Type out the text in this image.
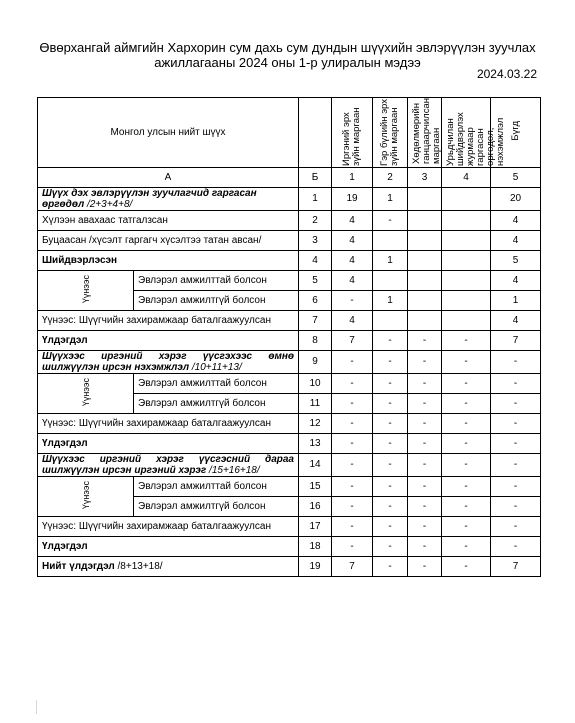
Өвөрхангай аймгийн Хархорин сум дахь сум дундын шүүхийн эвлэрүүлэн зуучлах ажиллагааны 2024 оны 1-р улиралын мэдээ
2024.03.22
Монгол улсын нийт шүүх			Иргэний эрх зүйн маргаан	Гэр бүлийн эрх зүйн маргаан	Хөдөлмөрийн ганцаарчилсан маргаан	Урьдчилан шийдвэрлэх журмаар гаргасан өргөдөл, нэхэмжлэл	Бүгд
А		Б	1	2	3	4	5
Шүүх дэх эвлэрүүлэн зуучлагчид гаргасан өргөдөл /2+3+4+8/		1	19	1			20
Хүлээн авахаас татгалзсан		2	4	-			4
Буцаасан /хүсэлт гаргагч хүсэлтээ татан авсан/		3	4				4
Шийдвэрлэсэн		4	4	1			5
Үүнээс	Эвлэрэл амжилттай болсон	5	4				4
	Эвлэрэл амжилтгүй болсон	6	-	1			1
Үүнээс: Шүүгчийн захирамжаар баталгаажуулсан		7	4				4
Үлдэгдэл		8	7	-	-	-	7
Шүүхээс иргэний хэрэг үүсгэхээс өмнө шилжүүлэн ирсэн нэхэмжлэл /10+11+13/		9	-	-	-	-	-
Үүнээс	Эвлэрэл амжилттай болсон	10	-	-	-	-	-
	Эвлэрэл амжилтгүй болсон	11	-	-	-	-	-
Үүнээс: Шүүгчийн захирамжаар баталгаажуулсан		12	-	-	-	-	-
Үлдэгдэл		13	-	-	-	-	-
Шүүхээс иргэний хэрэг үүсгэсний дараа шилжүүлэн ирсэн иргэний хэрэг /15+16+18/		14	-	-	-	-	-
Үүнээс	Эвлэрэл амжилттай болсон	15	-	-	-	-	-
	Эвлэрэл амжилтгүй болсон	16	-	-	-	-	-
Үүнээс: Шүүгчийн захирамжаар баталгаажуулсан		17	-	-	-	-	-
Үлдэгдэл		18	-	-	-	-	-
Нийт үлдэгдэл /8+13+18/		19	7	-	-	-	7
